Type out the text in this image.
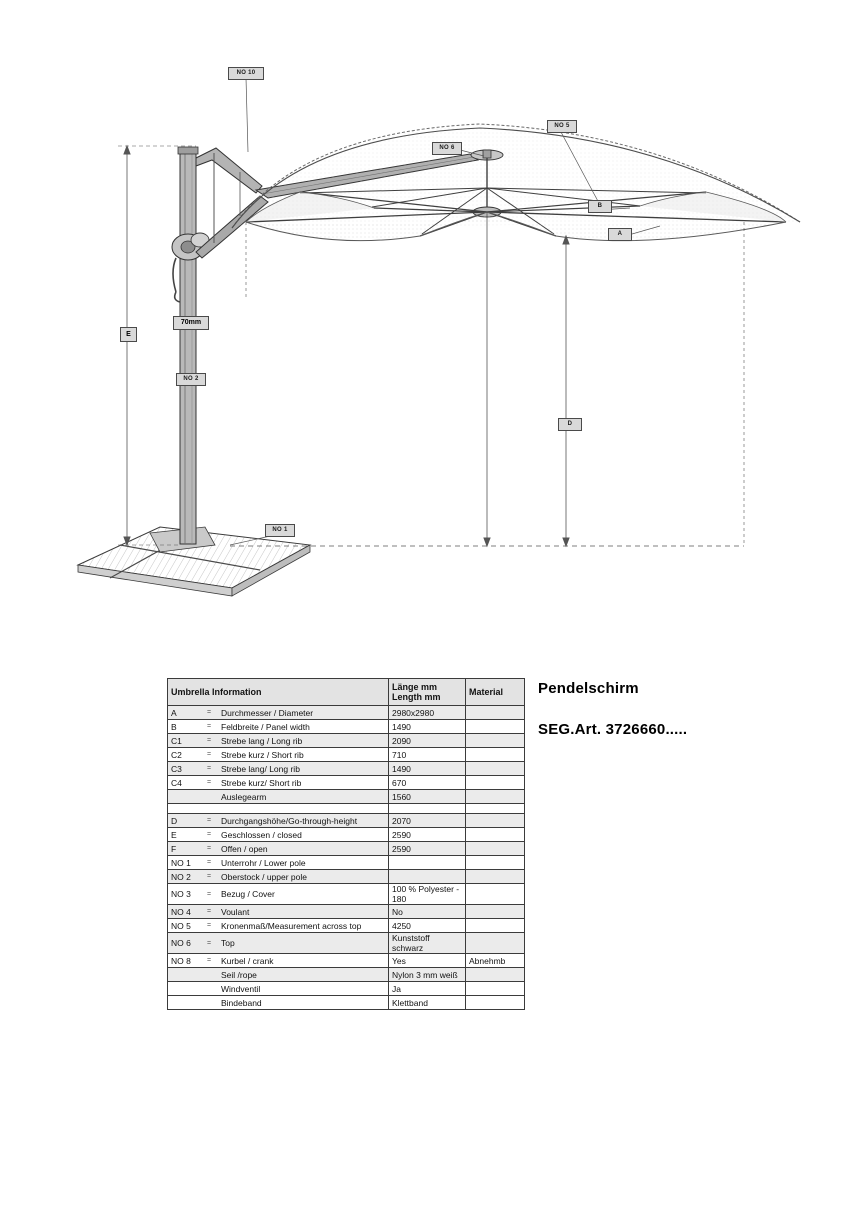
NO 10
NO 5
NO 6
B
A
NO 2
D
NO 1
E
70mm
Umbrella Information			Länge mm
Length mm	Material
A	=	Durchmesser / Diameter	2980x2980	
B	=	Feldbreite / Panel width	1490	
C1	=	Strebe lang / Long rib	2090	
C2	=	Strebe kurz / Short rib	710	
C3	=	Strebe lang/ Long rib	1490	
C4	=	Strebe kurz/ Short rib	670	
		Auslegearm	1560	

D	=	Durchgangshöhe/Go-through-height	2070	
E	=	Geschlossen / closed	2590	
F	=	Offen / open	2590	
NO 1	=	Unterrohr / Lower pole		
NO 2	=	Oberstock / upper pole		
NO 3	=	Bezug / Cover	100 % Polyester - 180	
NO 4	=	Voulant	No	
NO 5	=	Kronenmaß/Measurement across top	4250	
NO 6	=	Top	Kunststoff schwarz	
NO 8	=	Kurbel / crank	Yes	Abnehmb
		Seil /rope	Nylon 3 mm weiß	
		Windventil	Ja	
		Bindeband	Klettband	
Pendelschirm
SEG.Art. 3726660.....
